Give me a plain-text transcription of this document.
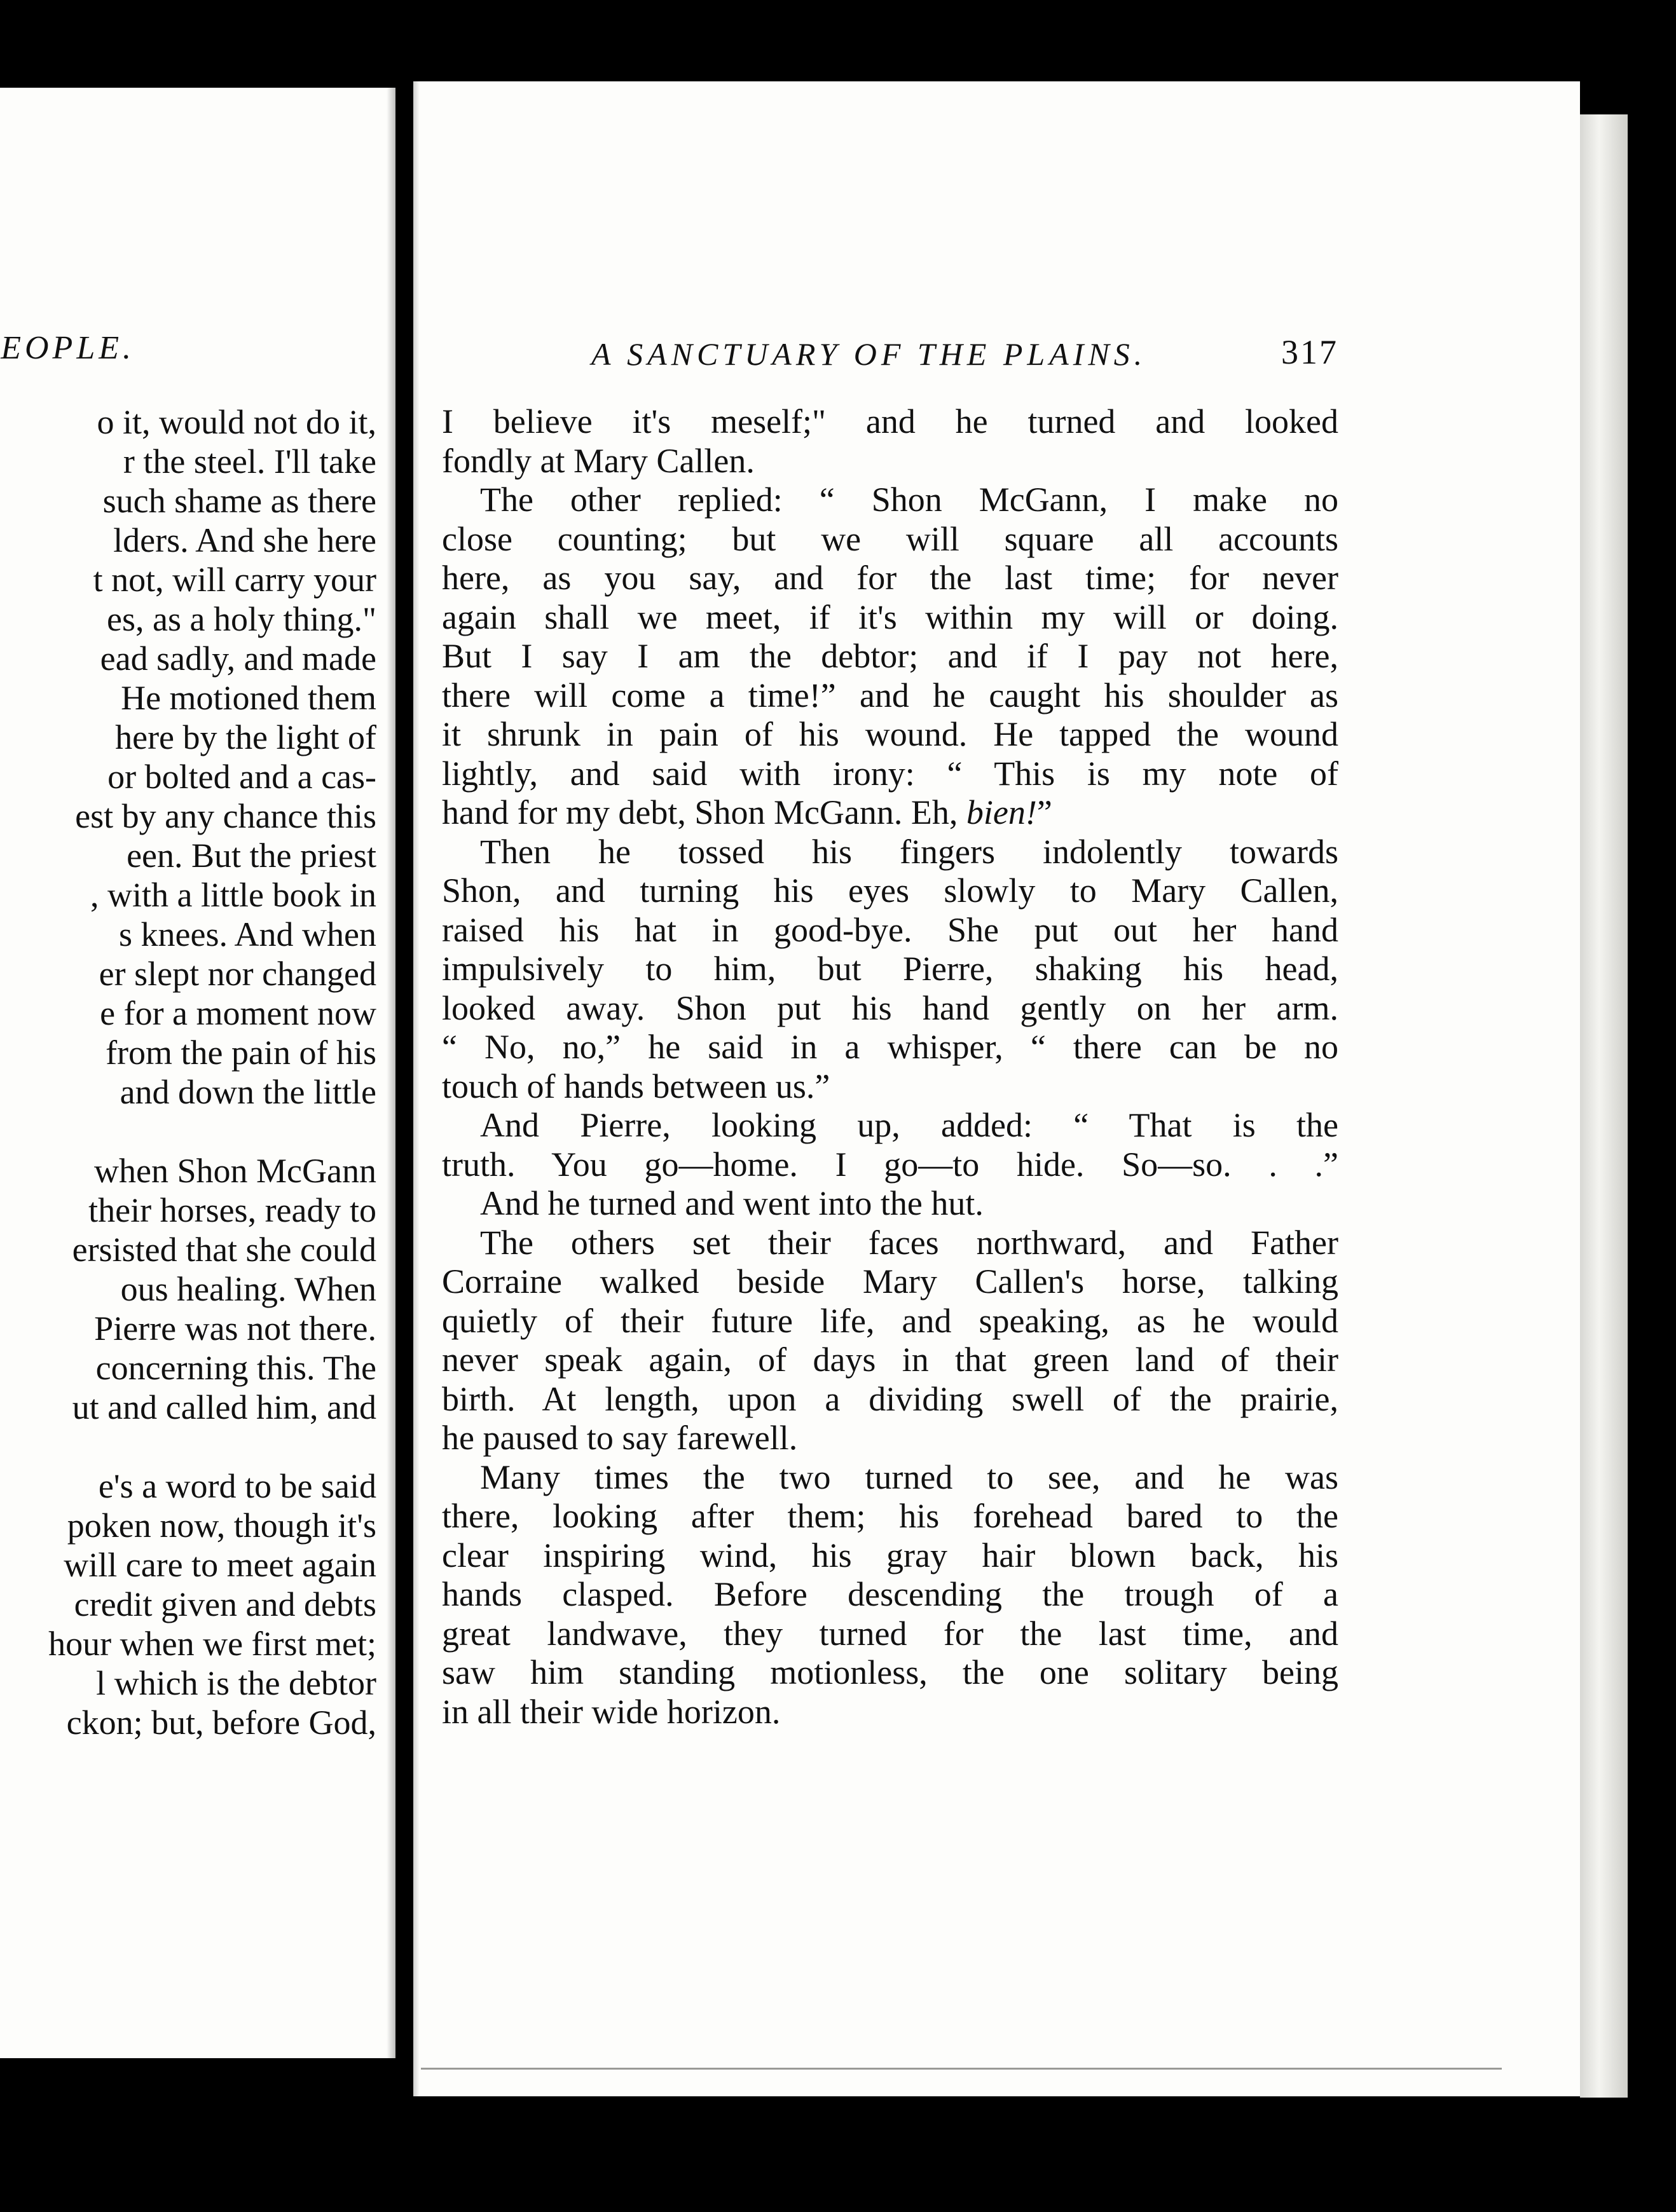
EOPLE.
o it, would not do it,
r the steel. I'll take
such shame as there
lders. And she here
t not, will carry your
es, as a holy thing."
ead sadly, and made
He motioned them
here by the light of
or bolted and a cas-
est by any chance this
een. But the priest
, with a little book in
s knees. And when
er slept nor changed
e for a moment now
from the pain of his
and down the little
when Shon McGann
their horses, ready to
ersisted that she could
ous healing. When
Pierre was not there.
concerning this. The
ut and called him, and
e's a word to be said
poken now, though it's
will care to meet again
credit given and debts
hour when we first met;
l which is the debtor
ckon; but, before God,
A SANCTUARY OF THE PLAINS.	317
I believe it's meself;" and he turned and looked
fondly at Mary Callen.
The other replied: “ Shon McGann, I make no
close counting; but we will square all accounts
here, as you say, and for the last time; for never
again shall we meet, if it's within my will or doing.
But I say I am the debtor; and if I pay not here,
there will come a time!” and he caught his shoulder as
it shrunk in pain of his wound. He tapped the wound
lightly, and said with irony: “ This is my note of
hand for my debt, Shon McGann. Eh, bien!”
Then he tossed his fingers indolently towards
Shon, and turning his eyes slowly to Mary Callen,
raised his hat in good-bye. She put out her hand
impulsively to him, but Pierre, shaking his head,
looked away. Shon put his hand gently on her arm.
“ No, no,” he said in a whisper, “ there can be no
touch of hands between us.”
And Pierre, looking up, added: “ That is the
truth. You go—home. I go—to hide. So—so. . .”
And he turned and went into the hut.
The others set their faces northward, and Father
Corraine walked beside Mary Callen's horse, talking
quietly of their future life, and speaking, as he would
never speak again, of days in that green land of their
birth. At length, upon a dividing swell of the prairie,
he paused to say farewell.
Many times the two turned to see, and he was
there, looking after them; his forehead bared to the
clear inspiring wind, his gray hair blown back, his
hands clasped. Before descending the trough of a
great landwave, they turned for the last time, and
saw him standing motionless, the one solitary being
in all their wide horizon.
